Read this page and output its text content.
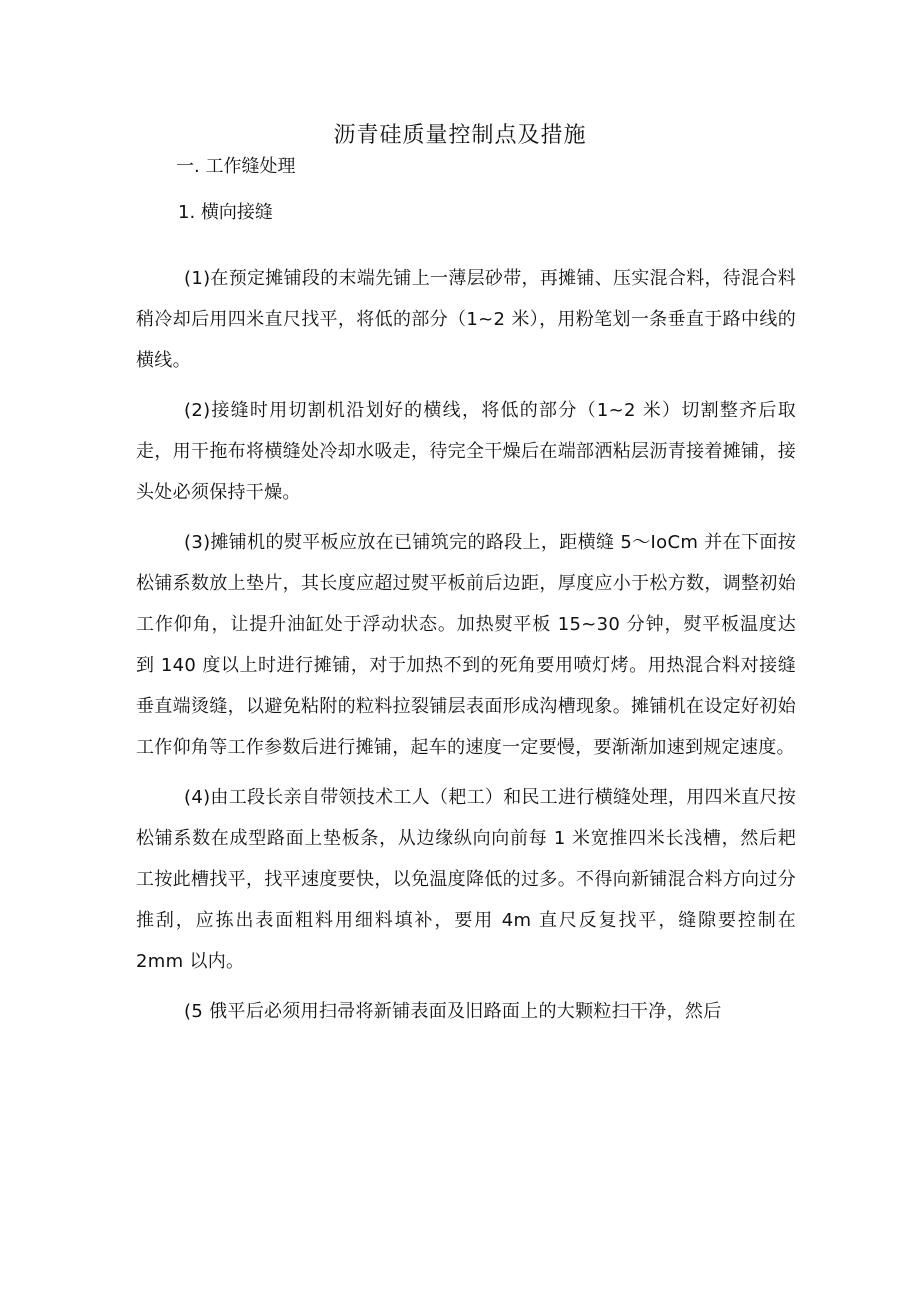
沥青硅质量控制点及措施
一. 工作缝处理
1. 横向接缝

(1)在预定摊铺段的末端先铺上一薄层砂带，再摊铺、压实混合料，待混合料稍冷却后用四米直尺找平，将低的部分（1~2 米），用粉笔划一条垂直于路中线的横线。

(2)接缝时用切割机沿划好的横线，将低的部分（1~2 米）切割整齐后取走，用干拖布将横缝处冷却水吸走，待完全干燥后在端部洒粘层沥青接着摊铺，接头处必须保持干燥。

(3)摊铺机的熨平板应放在已铺筑完的路段上，距横缝 5～IoCm 并在下面按松铺系数放上垫片，其长度应超过熨平板前后边距，厚度应小于松方数，调整初始工作仰角，让提升油缸处于浮动状态。加热熨平板 15~30 分钟，熨平板温度达到 140 度以上时进行摊铺，对于加热不到的死角要用喷灯烤。用热混合料对接缝垂直端烫缝，以避免粘附的粒料拉裂铺层表面形成沟槽现象。摊铺机在设定好初始工作仰角等工作参数后进行摊铺，起车的速度一定要慢，要渐渐加速到规定速度。

(4)由工段长亲自带领技术工人（耙工）和民工进行横缝处理，用四米直尺按松铺系数在成型路面上垫板条，从边缘纵向向前每 1 米宽推四米长浅槽，然后耙工按此槽找平，找平速度要快，以免温度降低的过多。不得向新铺混合料方向过分推刮，应拣出表面粗料用细料填补，要用 4m 直尺反复找平，缝隙要控制在 2mm 以内。

(5 俄平后必须用扫帚将新铺表面及旧路面上的大颗粒扫干净，然后
